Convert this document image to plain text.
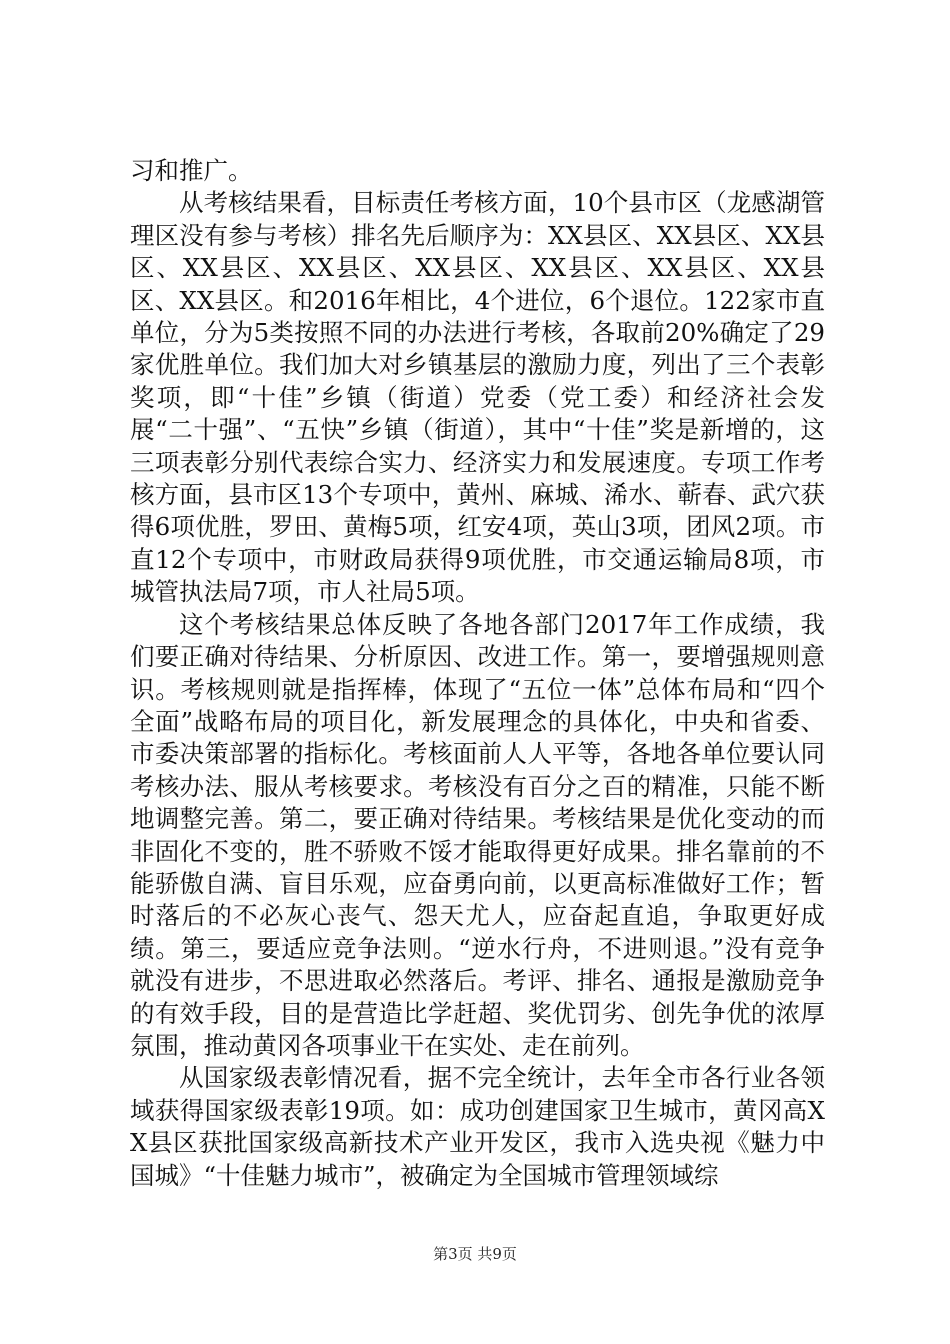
习和推广。

从考核结果看，目标责任考核方面，10个县市区（龙感湖管理区没有参与考核）排名先后顺序为：XX县区、XX县区、XX县区、XX县区、XX县区、XX县区、XX县区、XX县区、XX县区、XX县区。和2016年相比，4个进位，6个退位。122家市直单位，分为5类按照不同的办法进行考核，各取前20%确定了29家优胜单位。我们加大对乡镇基层的激励力度，列出了三个表彰奖项，即“十佳”乡镇（街道）党委（党工委）和经济社会发展“二十强”、“五快”乡镇（街道），其中“十佳”奖是新增的，这三项表彰分别代表综合实力、经济实力和发展速度。专项工作考核方面，县市区13个专项中，黄州、麻城、浠水、蕲春、武穴获得6项优胜，罗田、黄梅5项，红安4项，英山3项，团风2项。市直12个专项中，市财政局获得9项优胜，市交通运输局8项，市城管执法局7项，市人社局5项。

这个考核结果总体反映了各地各部门2017年工作成绩，我们要正确对待结果、分析原因、改进工作。第一，要增强规则意识。考核规则就是指挥棒，体现了“五位一体”总体布局和“四个全面”战略布局的项目化，新发展理念的具体化，中央和省委、市委决策部署的指标化。考核面前人人平等，各地各单位要认同考核办法、服从考核要求。考核没有百分之百的精准，只能不断地调整完善。第二，要正确对待结果。考核结果是优化变动的而非固化不变的，胜不骄败不馁才能取得更好成果。排名靠前的不能骄傲自满、盲目乐观，应奋勇向前，以更高标准做好工作；暂时落后的不必灰心丧气、怨天尤人，应奋起直追，争取更好成绩。第三，要适应竞争法则。“逆水行舟，不进则退。”没有竞争就没有进步，不思进取必然落后。考评、排名、通报是激励竞争的有效手段，目的是营造比学赶超、奖优罚劣、创先争优的浓厚氛围，推动黄冈各项事业干在实处、走在前列。

从国家级表彰情况看，据不完全统计，去年全市各行业各领域获得国家级表彰19项。如：成功创建国家卫生城市，黄冈高XX县区获批国家级高新技术产业开发区，我市入选央视《魅力中国城》“十佳魅力城市”，被确定为全国城市管理领域综

第3页 共9页
